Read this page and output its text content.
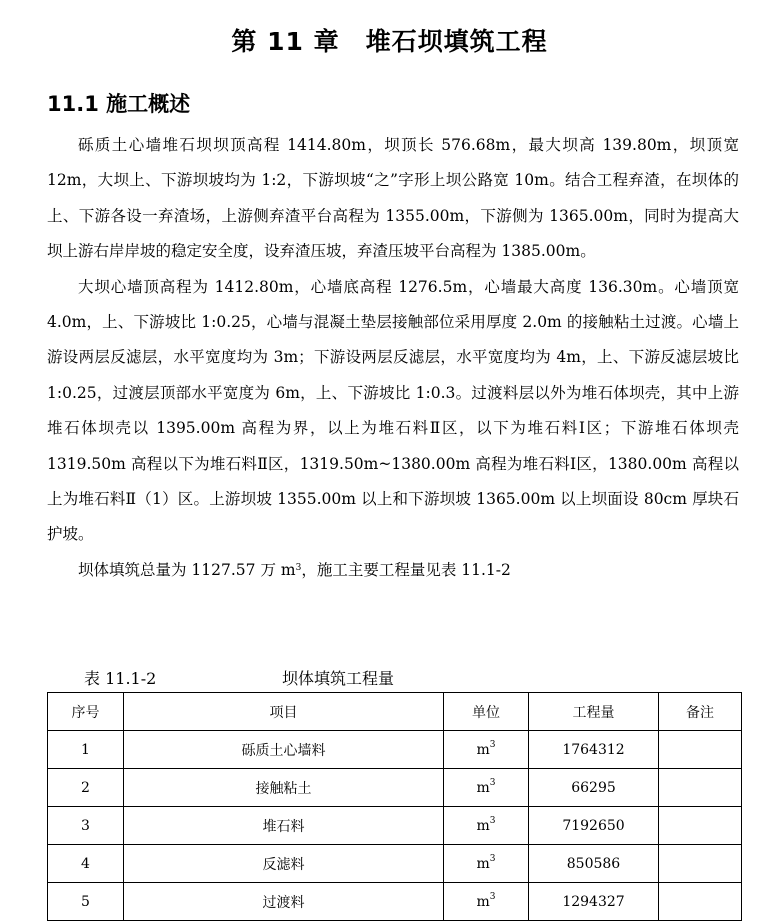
第 11 章　堆石坝填筑工程
11.1 施工概述

砾质土心墙堆石坝坝顶高程 1414.80m，坝顶长 576.68m，最大坝高 139.80m，坝顶宽 12m，大坝上、下游坝坡均为 1:2，下游坝坡“之”字形上坝公路宽 10m。结合工程弃渣，在坝体的上、下游各设一弃渣场，上游侧弃渣平台高程为 1355.00m，下游侧为 1365.00m，同时为提高大坝上游右岸岸坡的稳定安全度，设弃渣压坡，弃渣压坡平台高程为 1385.00m。

大坝心墙顶高程为 1412.80m，心墙底高程 1276.5m，心墙最大高度 136.30m。心墙顶宽 4.0m，上、下游坡比 1:0.25，心墙与混凝土垫层接触部位采用厚度 2.0m 的接触粘土过渡。心墙上游设两层反滤层，水平宽度均为 3m；下游设两层反滤层，水平宽度均为 4m，上、下游反滤层坡比 1:0.25，过渡层顶部水平宽度为 6m，上、下游坡比 1:0.3。过渡料层以外为堆石体坝壳，其中上游堆石体坝壳以 1395.00m 高程为界，以上为堆石料Ⅱ区，以下为堆石料Ⅰ区；下游堆石体坝壳 1319.50m 高程以下为堆石料Ⅱ区，1319.50m~1380.00m 高程为堆石料Ⅰ区，1380.00m 高程以上为堆石料Ⅱ（1）区。上游坝坡 1355.00m 以上和下游坝坡 1365.00m 以上坝面设 80cm 厚块石护坡。

坝体填筑总量为 1127.57 万 $m^3$，施工主要工程量见表 11.1-2

表 11.1-2	坝体填筑工程量
序号	项目	单位	工程量	备注
1	砾质土心墙料	$m^3$	1764312	
2	接触粘土	$m^3$	66295	
3	堆石料	$m^3$	7192650	
4	反滤料	$m^3$	850586	
5	过渡料	$m^3$	1294327	
